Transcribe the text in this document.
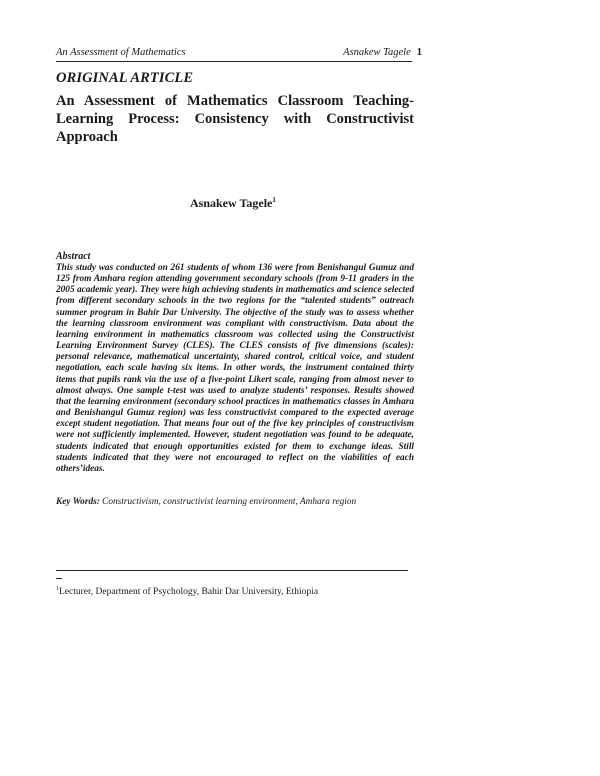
An Assessment of Mathematics	Asnakew Tagele 1
ORIGINAL ARTICLE
An Assessment of Mathematics Classroom Teaching-Learning Process: Consistency with Constructivist Approach
Asnakew Tagele$^1$
Abstract

This study was conducted on 261 students of whom 136 were from Benishangul Gumuz and 125 from Amhara region attending government secondary schools (from 9-11 graders in the 2005 academic year). They were high achieving students in mathematics and science selected from different secondary schools in the two regions for the “talented students” outreach summer program in Bahir Dar University. The objective of the study was to assess whether the learning classroom environment was compliant with constructivism. Data about the learning environment in mathematics classroom was collected using the Constructivist Learning Environment Survey (CLES). The CLES consists of five dimensions (scales): personal relevance, mathematical uncertainty, shared control, critical voice, and student negotiation, each scale having six items. In other words, the instrument contained thirty items that pupils rank via the use of a five-point Likert scale, ranging from almost never to almost always. One sample t-test was used to analyze students’ responses. Results showed that the learning environment (secondary school practices in mathematics classes in Amhara and Benishangul Gumuz region) was less constructivist compared to the expected average except student negotiation. That means four out of the five key principles of constructivism were not sufficiently implemented. However, student negotiation was found to be adequate, students indicated that enough opportunities existed for them to exchange ideas. Still students indicated that they were not encouraged to reflect on the viabilities of each others’ideas.

Key Words: Constructivism, constructivist learning environment, Amhara region
$^1$Lecturer, Department of Psychology, Bahir Dar University, Ethiopia
